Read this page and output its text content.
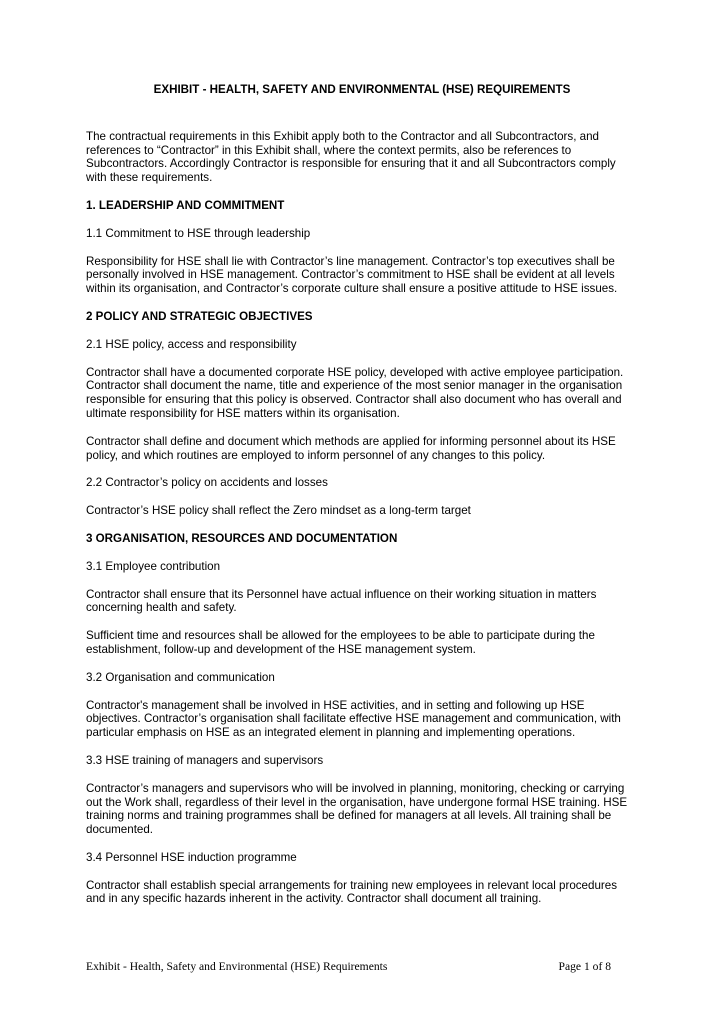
EXHIBIT - HEALTH, SAFETY AND ENVIRONMENTAL (HSE) REQUIREMENTS
The contractual requirements in this Exhibit apply both to the Contractor and all Subcontractors, and references to “Contractor” in this Exhibit shall, where the context permits, also be references to Subcontractors. Accordingly Contractor is responsible for ensuring that it and all Subcontractors comply with these requirements.
1. LEADERSHIP AND COMMITMENT
1.1 Commitment to HSE through leadership
Responsibility for HSE shall lie with Contractor’s line management. Contractor’s top executives shall be personally involved in HSE management. Contractor’s commitment to HSE shall be evident at all levels within its organisation, and Contractor’s corporate culture shall ensure a positive attitude to HSE issues.
2 POLICY AND STRATEGIC OBJECTIVES
2.1 HSE policy, access and responsibility
Contractor shall have a documented corporate HSE policy, developed with active employee participation. Contractor shall document the name, title and experience of the most senior manager in the organisation responsible for ensuring that this policy is observed. Contractor shall also document who has overall and ultimate responsibility for HSE matters within its organisation.
Contractor shall define and document which methods are applied for informing personnel about its HSE policy, and which routines are employed to inform personnel of any changes to this policy.
2.2 Contractor’s policy on accidents and losses
Contractor’s HSE policy shall reflect the Zero mindset as a long-term target
3 ORGANISATION, RESOURCES AND DOCUMENTATION
3.1 Employee contribution
Contractor shall ensure that its Personnel have actual influence on their working situation in matters concerning health and safety.
Sufficient time and resources shall be allowed for the employees to be able to participate during the establishment, follow-up and development of the HSE management system.
3.2 Organisation and communication
Contractor's management shall be involved in HSE activities, and in setting and following up HSE objectives. Contractor’s organisation shall facilitate effective HSE management and communication, with particular emphasis on HSE as an integrated element in planning and implementing operations.
3.3 HSE training of managers and supervisors
Contractor’s managers and supervisors who will be involved in planning, monitoring, checking or carrying out the Work shall, regardless of their level in the organisation, have undergone formal HSE training. HSE training norms and training programmes shall be defined for managers at all levels. All training shall be documented.
3.4 Personnel HSE induction programme
Contractor shall establish special arrangements for training new employees in relevant local procedures and in any specific hazards inherent in the activity. Contractor shall document all training.
Exhibit - Health, Safety and Environmental (HSE) Requirements	Page 1 of 8
